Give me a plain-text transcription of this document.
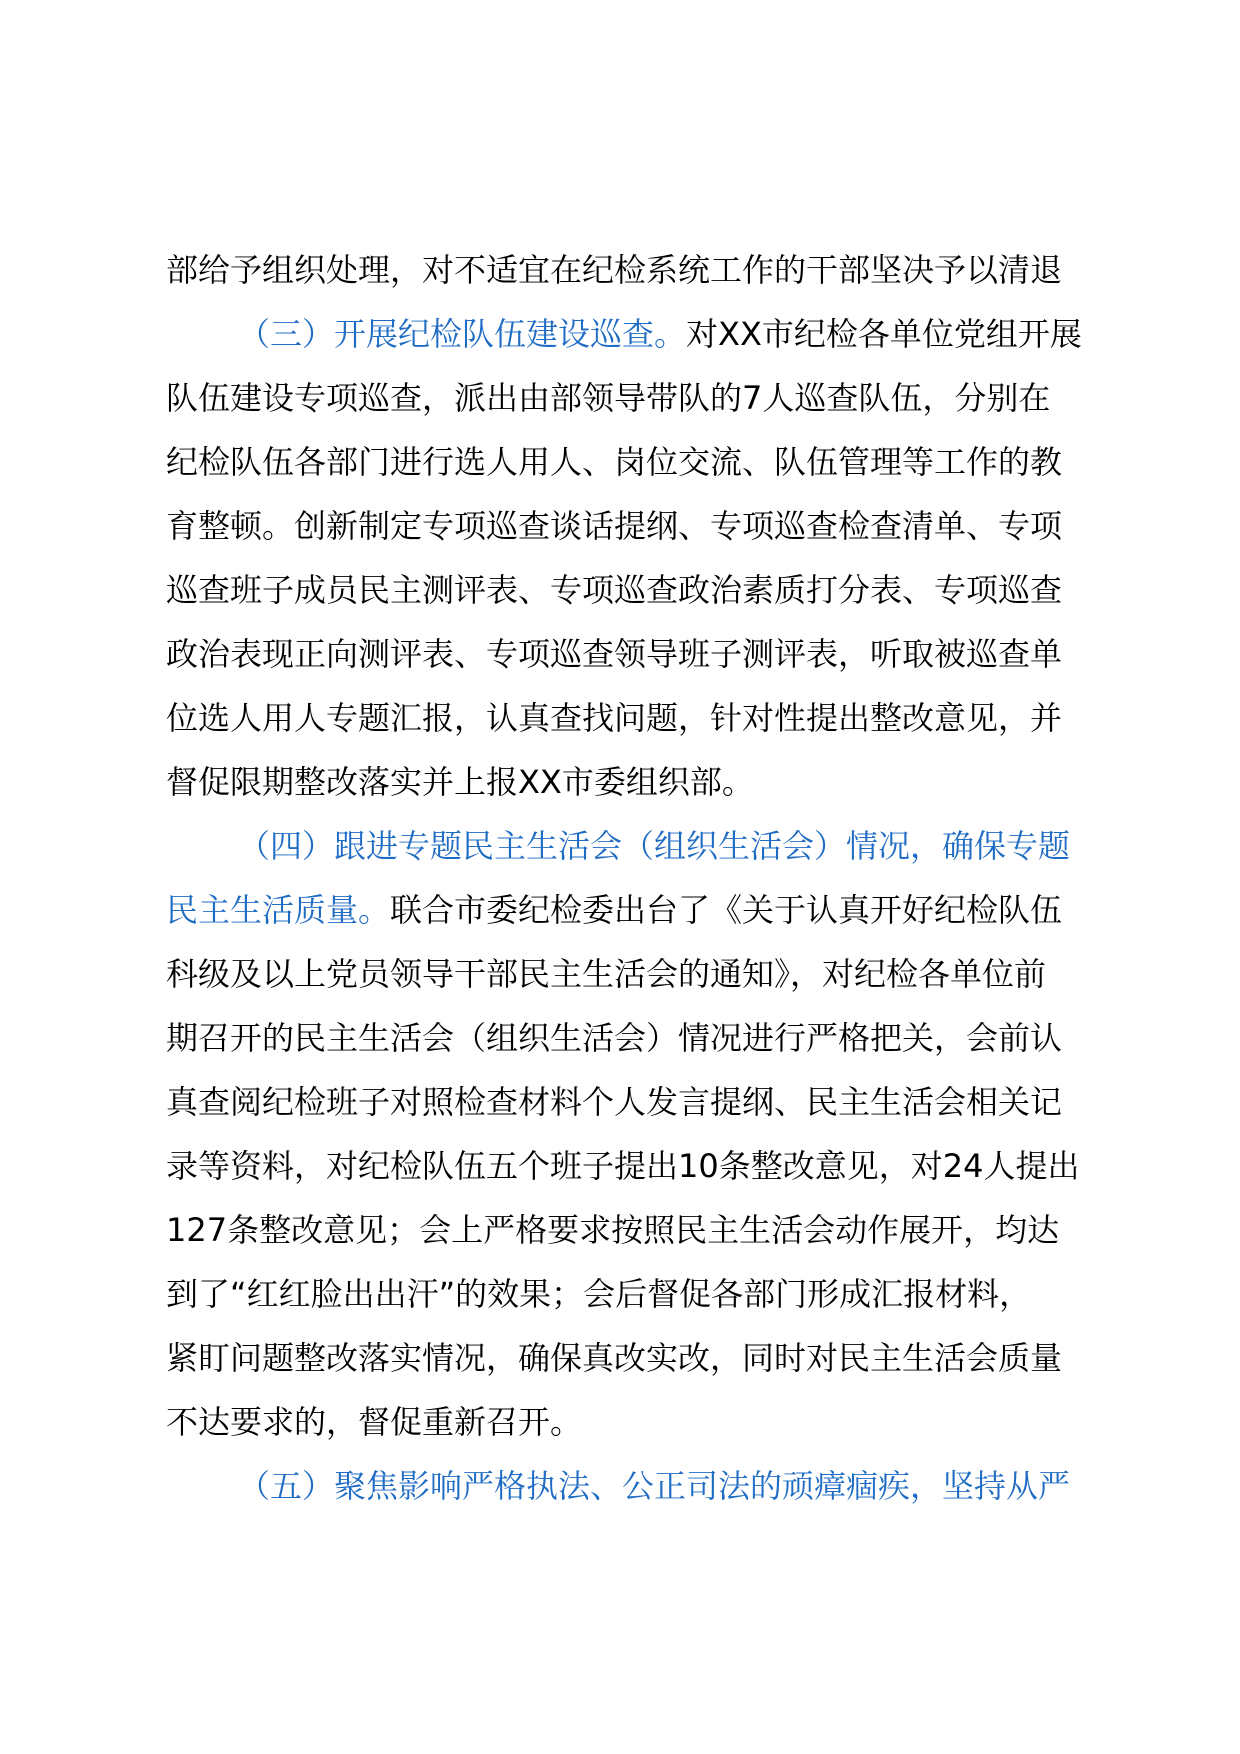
部给予组织处理，对不适宜在纪检系统工作的干部坚决予以清退

（三）开展纪检队伍建设巡查。对XX市纪检各单位党组开展

队伍建设专项巡查，派出由部领导带队的7人巡查队伍，分别在

纪检队伍各部门进行选人用人、岗位交流、队伍管理等工作的教

育整顿。创新制定专项巡查谈话提纲、专项巡查检查清单、专项

巡查班子成员民主测评表、专项巡查政治素质打分表、专项巡查

政治表现正向测评表、专项巡查领导班子测评表，听取被巡查单

位选人用人专题汇报，认真查找问题，针对性提出整改意见，并

督促限期整改落实并上报XX市委组织部。

（四）跟进专题民主生活会（组织生活会）情况，确保专题

民主生活质量。联合市委纪检委出台了《关于认真开好纪检队伍

科级及以上党员领导干部民主生活会的通知》，对纪检各单位前

期召开的民主生活会（组织生活会）情况进行严格把关，会前认

真查阅纪检班子对照检查材料个人发言提纲、民主生活会相关记

录等资料，对纪检队伍五个班子提出10条整改意见，对24人提出

127条整改意见；会上严格要求按照民主生活会动作展开，均达

到了“红红脸出出汗”的效果；会后督促各部门形成汇报材料，

紧盯问题整改落实情况，确保真改实改，同时对民主生活会质量

不达要求的，督促重新召开。

（五）聚焦影响严格执法、公正司法的顽瘴痼疾，坚持从严
